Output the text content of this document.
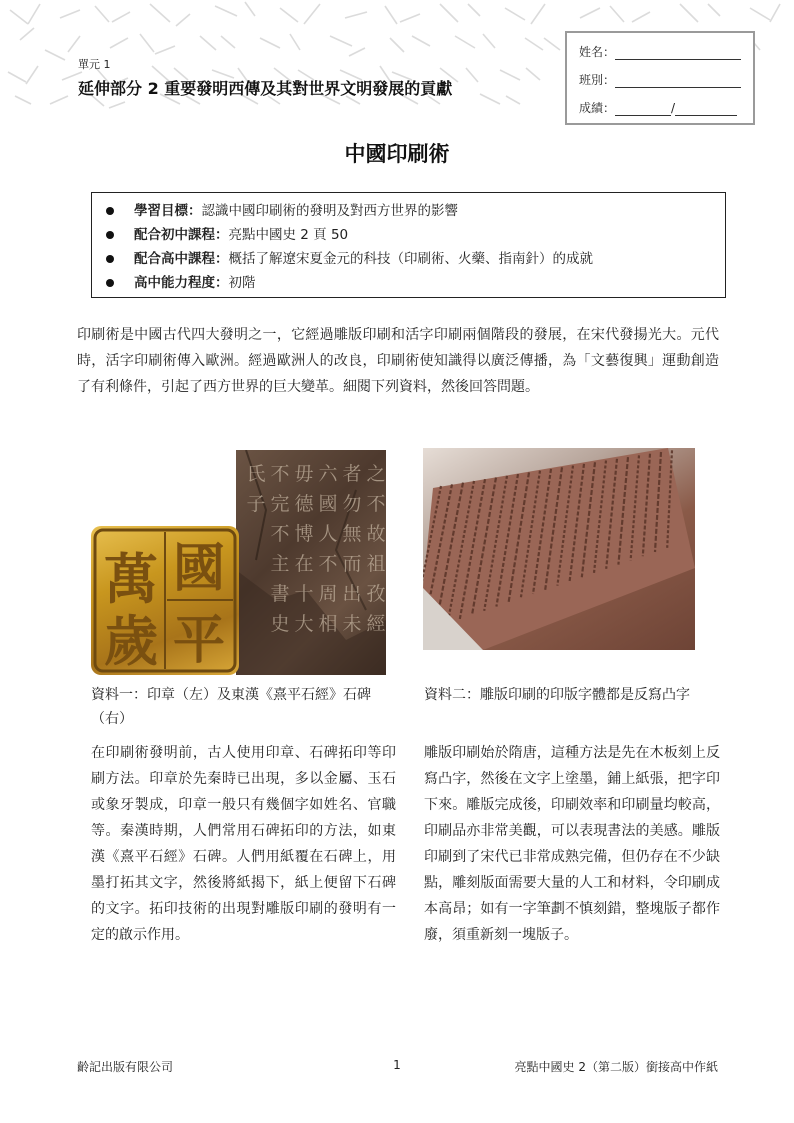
單元 1
延伸部分 2 重要發明西傳及其對世界文明發展的貢獻
姓名：
班別：
成績：	/
中國印刷術
學習目標：認識中國印刷術的發明及對西方世界的影響
配合初中課程：亮點中國史 2 頁 50
配合高中課程：概括了解遼宋夏金元的科技（印刷術、火藥、指南針）的成就
高中能力程度：初階

印刷術是中國古代四大發明之一，它經過雕版印刷和活字印刷兩個階段的發展，在宋代發揚光大。元代時，活字印刷術傳入歐洲。經過歐洲人的改良，印刷術使知識得以廣泛傳播，為「文藝復興」運動創造了有利條件，引起了西方世界的巨大變革。細閱下列資料，然後回答問題。

之
不
故
祖
孜
經
者
勿
無
而
出
未
六
國
人
不
周
相
毋
德
博
在
十
大
不
完
不
主
書
史
氏
子
國
平
萬
歲
資料一：印章（左）及東漢《熹平石經》石碑（右）
資料二：雕版印刷的印版字體都是反寫凸字

在印刷術發明前，古人使用印章、石碑拓印等印刷方法。印章於先秦時已出現，多以金屬、玉石或象牙製成，印章一般只有幾個字如姓名、官職等。秦漢時期，人們常用石碑拓印的方法，如東漢《熹平石經》石碑。人們用紙覆在石碑上，用墨打拓其文字，然後將紙揭下，紙上便留下石碑的文字。拓印技術的出現對雕版印刷的發明有一定的啟示作用。

雕版印刷始於隋唐，這種方法是先在木板刻上反寫凸字，然後在文字上塗墨，鋪上紙張，把字印下來。雕版完成後，印刷效率和印刷量均較高，印刷品亦非常美觀，可以表現書法的美感。雕版印刷到了宋代已非常成熟完備，但仍存在不少缺點，雕刻版面需要大量的人工和材料，令印刷成本高昂；如有一字筆劃不慎刻錯，整塊版子都作廢，須重新刻一塊版子。

齡記出版有限公司	1	亮點中國史 2（第二版）銜接高中作紙
